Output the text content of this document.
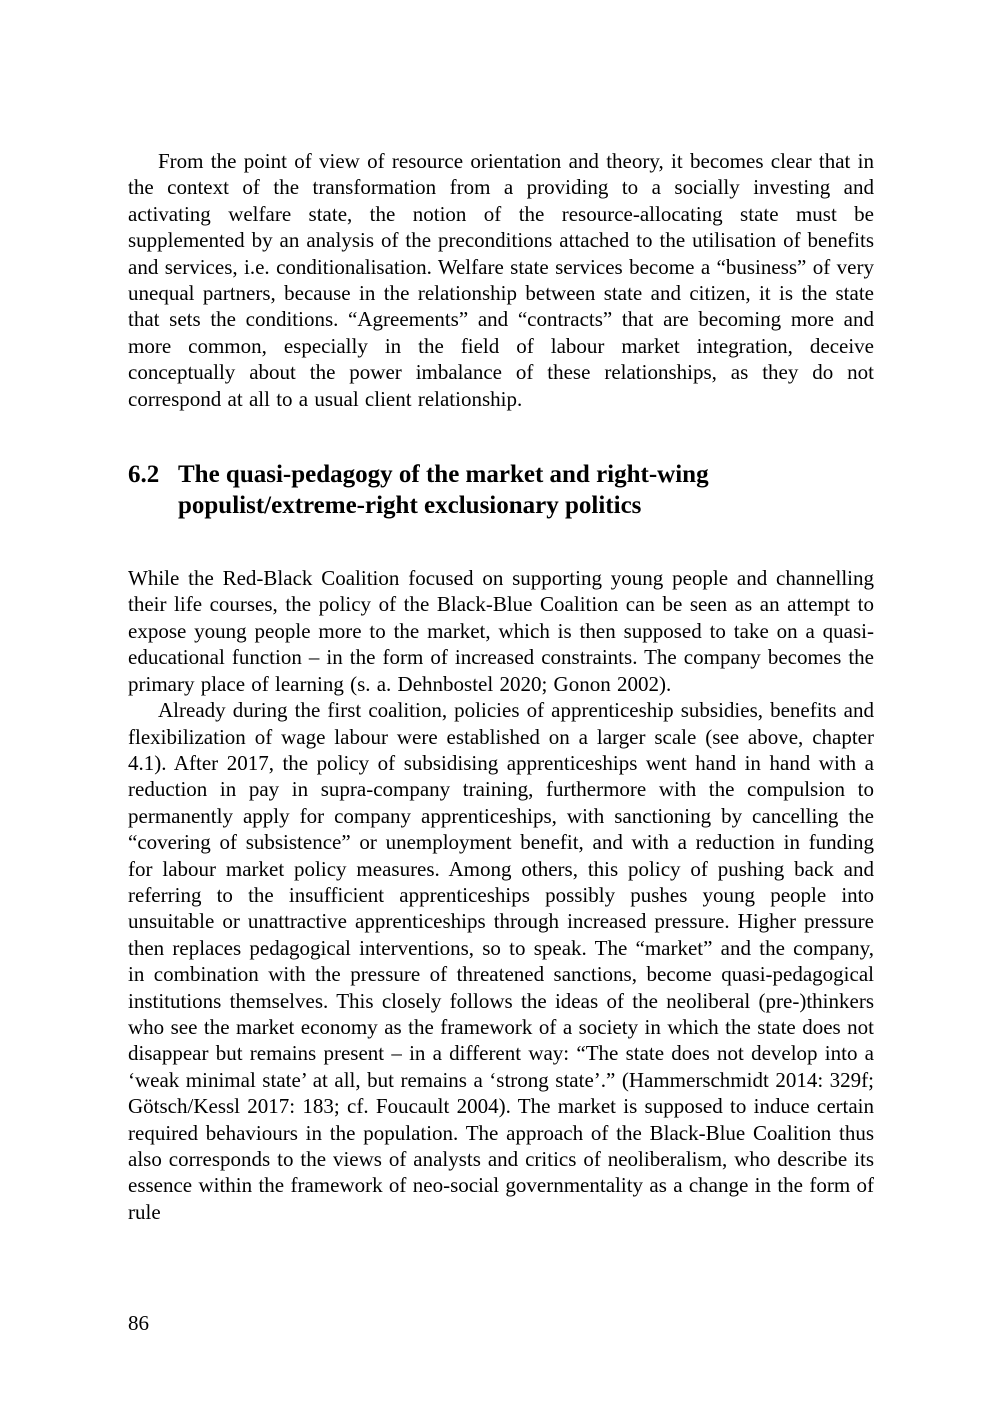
From the point of view of resource orientation and theory, it becomes clear that in the context of the transformation from a providing to a socially investing and activating welfare state, the notion of the resource-allocating state must be supplemented by an analysis of the preconditions attached to the utilisation of benefits and services, i.e. conditionalisation. Welfare state services become a “business” of very unequal partners, because in the relationship between state and citizen, it is the state that sets the conditions. “Agreements” and “contracts” that are becoming more and more common, especially in the field of labour market integration, deceive conceptually about the power imbalance of these relationships, as they do not correspond at all to a usual client relationship.

6.2 The quasi-pedagogy of the market and right-wing
populist/extreme-right exclusionary politics

While the Red-Black Coalition focused on supporting young people and channelling their life courses, the policy of the Black-Blue Coalition can be seen as an attempt to expose young people more to the market, which is then supposed to take on a quasi-educational function – in the form of increased constraints. The company becomes the primary place of learning (s. a. Dehnbostel 2020; Gonon 2002).

Already during the first coalition, policies of apprenticeship subsidies, benefits and flexibilization of wage labour were established on a larger scale (see above, chapter 4.1). After 2017, the policy of subsidising apprenticeships went hand in hand with a reduction in pay in supra-company training, furthermore with the compulsion to permanently apply for company apprenticeships, with sanctioning by cancelling the “covering of subsistence” or unemployment benefit, and with a reduction in funding for labour market policy measures. Among others, this policy of pushing back and referring to the insufficient apprenticeships possibly pushes young people into unsuitable or unattractive apprenticeships through increased pressure. Higher pressure then replaces pedagogical interventions, so to speak. The “market” and the company, in combination with the pressure of threatened sanctions, become quasi-pedagogical institutions themselves. This closely follows the ideas of the neoliberal (pre-)thinkers who see the market economy as the framework of a society in which the state does not disappear but remains present – in a different way: “The state does not develop into a ‘weak minimal state’ at all, but remains a ‘strong state’.” (Hammerschmidt 2014: 329f; Götsch/Kessl 2017: 183; cf. Foucault 2004). The market is supposed to induce certain required behaviours in the population. The approach of the Black-Blue Coalition thus also corresponds to the views of analysts and critics of neoliberalism, who describe its essence within the framework of neo-social governmentality as a change in the form of rule

86
